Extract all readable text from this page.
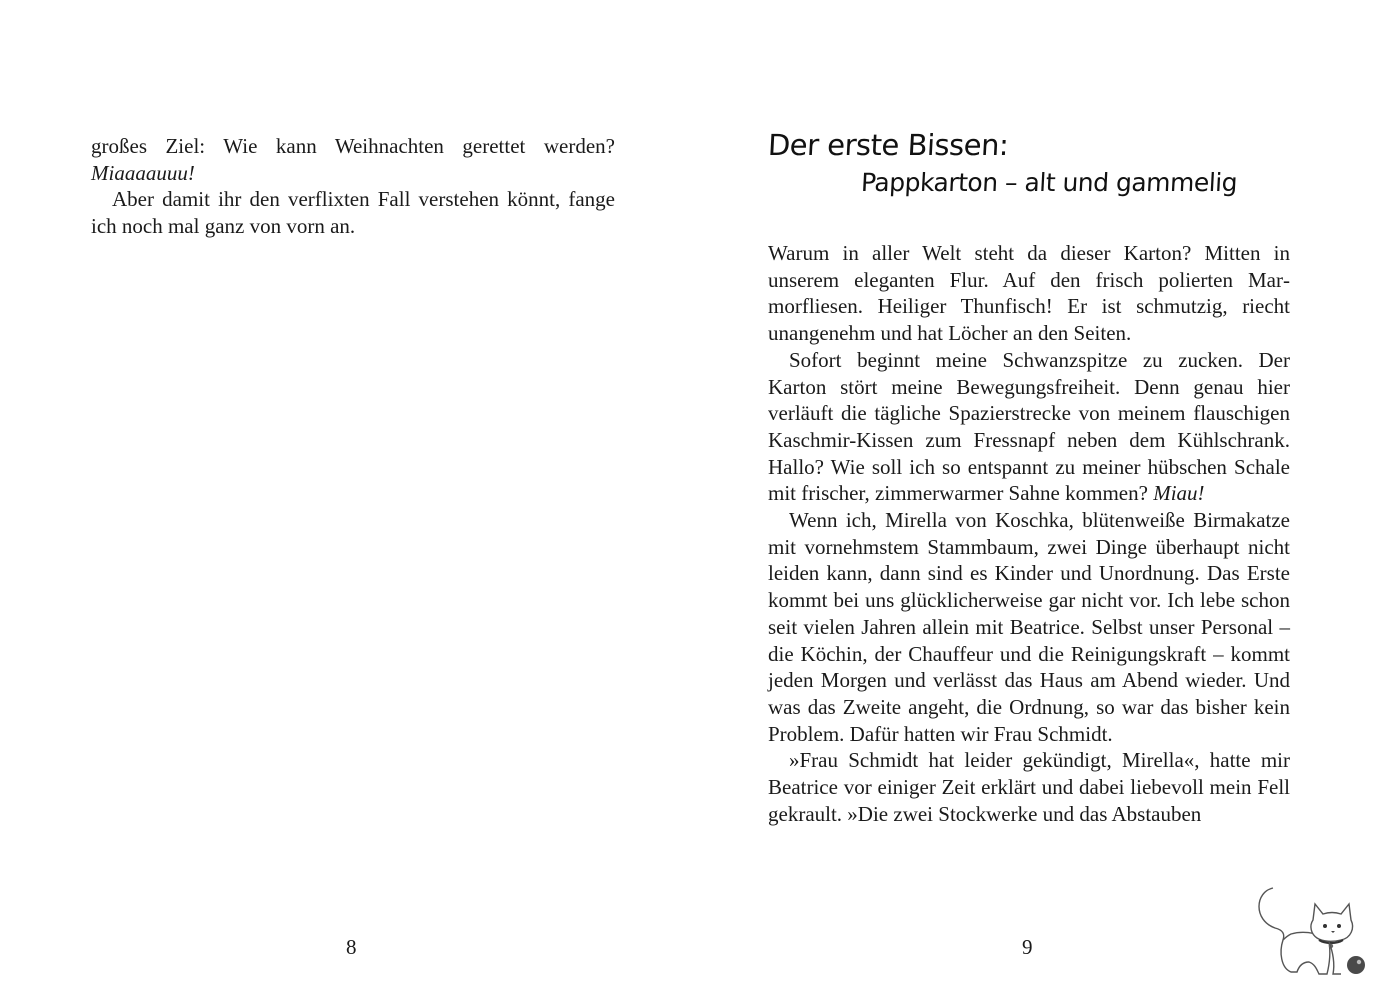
großes Ziel: Wie kann Weihnachten gerettet werden? Miaaaauuu!

Aber damit ihr den verflixten Fall verstehen könnt, fange ich noch mal ganz von vorn an.

8
Der erste Bissen:
Pappkarton – alt und gammelig

Warum in aller Welt steht da dieser Karton? Mitten in unserem eleganten Flur. Auf den frisch polierten Marmorfliesen. Heiliger Thunfisch! Er ist schmutzig, riecht unangenehm und hat Löcher an den Seiten.

Sofort beginnt meine Schwanzspitze zu zucken. Der Karton stört meine Bewegungsfreiheit. Denn genau hier verläuft die tägliche Spazierstrecke von meinem flauschigen Kaschmir-Kissen zum Fressnapf neben dem Kühlschrank. Hallo? Wie soll ich so entspannt zu meiner hübschen Schale mit frischer, zimmerwarmer Sahne kommen? Miau!

Wenn ich, Mirella von Koschka, blütenweiße Birmakatze mit vornehmstem Stammbaum, zwei Dinge überhaupt nicht leiden kann, dann sind es Kinder und Unordnung. Das Erste kommt bei uns glücklicherweise gar nicht vor. Ich lebe schon seit vielen Jahren allein mit Beatrice. Selbst unser Personal – die Köchin, der Chauffeur und die Reinigungskraft – kommt jeden Morgen und verlässt das Haus am Abend wieder. Und was das Zweite angeht, die Ordnung, so war das bisher kein Problem. Dafür hatten wir Frau Schmidt.

»Frau Schmidt hat leider gekündigt, Mirella«, hatte mir Beatrice vor einiger Zeit erklärt und dabei liebevoll mein Fell gekrault. »Die zwei Stockwerke und das Abstauben

9
